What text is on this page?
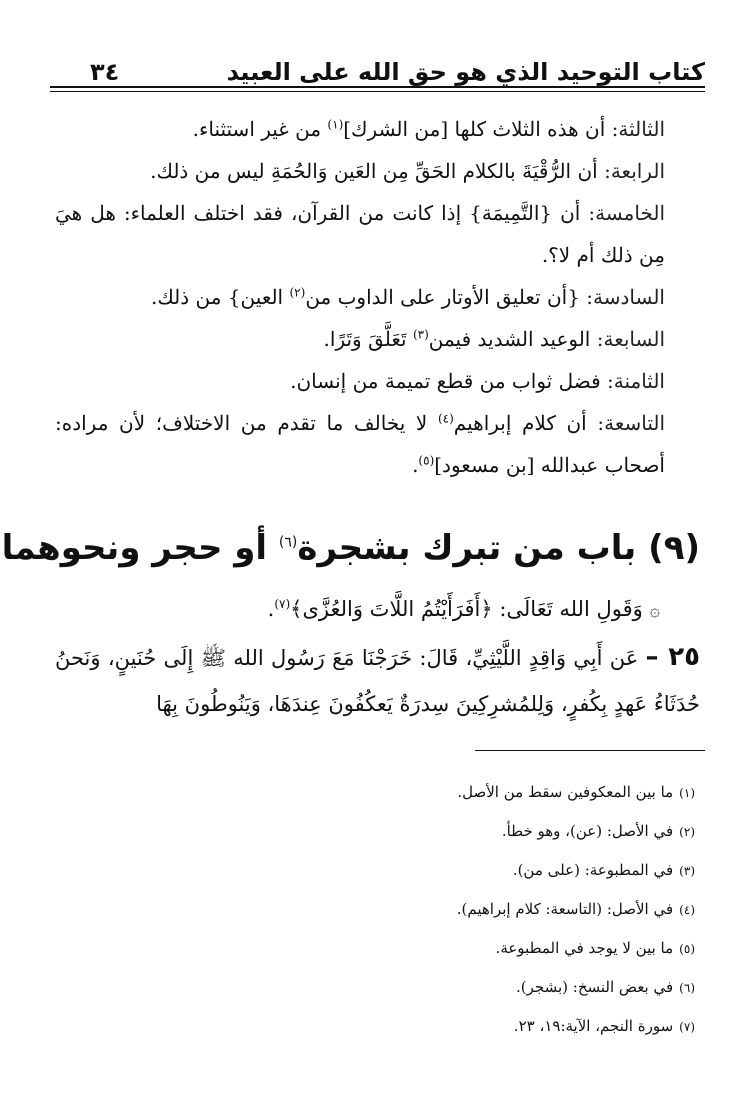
كتاب التوحيد الذي هو حق الله على العبيد
٣٤

الثالثة: أن هذه الثلاث كلها [من الشرك]$^{(١)}$ من غير استثناء.

الرابعة: أن الرُّقْيَةَ بالكلام الحَقِّ مِن العَين وَالحُمَةِ ليس من ذلك.

الخامسة: أن {التَّمِيمَة} إذا كانت من القرآن، فقد اختلف العلماء: هل هيَ مِن ذلك أم لا؟.

السادسة: {أن تعليق الأوتار على الداوب من$^{(٢)}$ العين} من ذلك.

السابعة: الوعيد الشديد فيمن$^{(٣)}$ تَعَلَّقَ وَتَرًا.

الثامنة: فضل ثواب من قطع تميمة من إنسان.

التاسعة: أن كلام إبراهيم$^{(٤)}$ لا يخالف ما تقدم من الاختلاف؛ لأن مراده: أصحاب عبدالله [بن مسعود]$^{(٥)}$.

(٩) باب من تبرك بشجرة$^{(٦)}$ أو حجر ونحوهما
۞ وَقَولِ الله تَعَالَى: ﴿أَفَرَأَيْتُمُ اللَّاتَ وَالعُزَّى﴾$^{(٧)}$.
٢٥ – عَن أَبِي وَاقِدٍ اللَّيْثِيِّ، قَالَ: خَرَجْنَا مَعَ رَسُول الله ﷺ إِلَى حُنَينٍ، وَنَحنُ حُدَثَاءُ عَهدٍ بِكُفرٍ، وَلِلمُشرِكِينَ سِدرَةٌ يَعكُفُونَ عِندَهَا، وَيَنُوطُونَ بِهَا
(١)ما بين المعكوفين سقط من الأصل.
(٢)في الأصل: (عن)، وهو خطأ.
(٣)في المطبوعة: (على من).
(٤)في الأصل: (التاسعة: كلام إبراهيم).
(٥)ما بين لا يوجد في المطبوعة.
(٦)في بعض النسخ: (بشجر).
(٧)سورة النجم، الآية:١٩، ٢٣.
